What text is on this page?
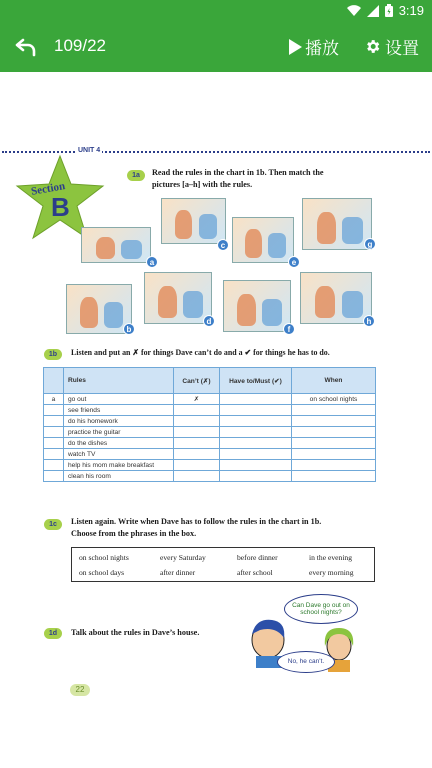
3:19
109/22	播放	设置
UNIT 4
Section
B
1a	Read the rules in the chart in 1b. Then match the
pictures [a–h] with the rules.
a
b
c
d
e
f
g
h
1b	Listen and put an ✗ for things Dave can’t do and a ✔ for things he has to do.
	Rules	Can’t (✗)	Have to/Must (✔)	When
a	go out	✗		on school nights
	see friends			
	do his homework			
	practice the guitar			
	do the dishes			
	watch TV			
	help his mom make breakfast			
	clean his room			
1c	Listen again. Write when Dave has to follow the rules in the chart in 1b.
Choose from the phrases in the box.
on school nights	every Saturday	before dinner	in the evening
on school days	after dinner	after school	every morning
1d	Talk about the rules in Dave’s house.
Can Dave go out on school nights?
No, he can’t.
22
